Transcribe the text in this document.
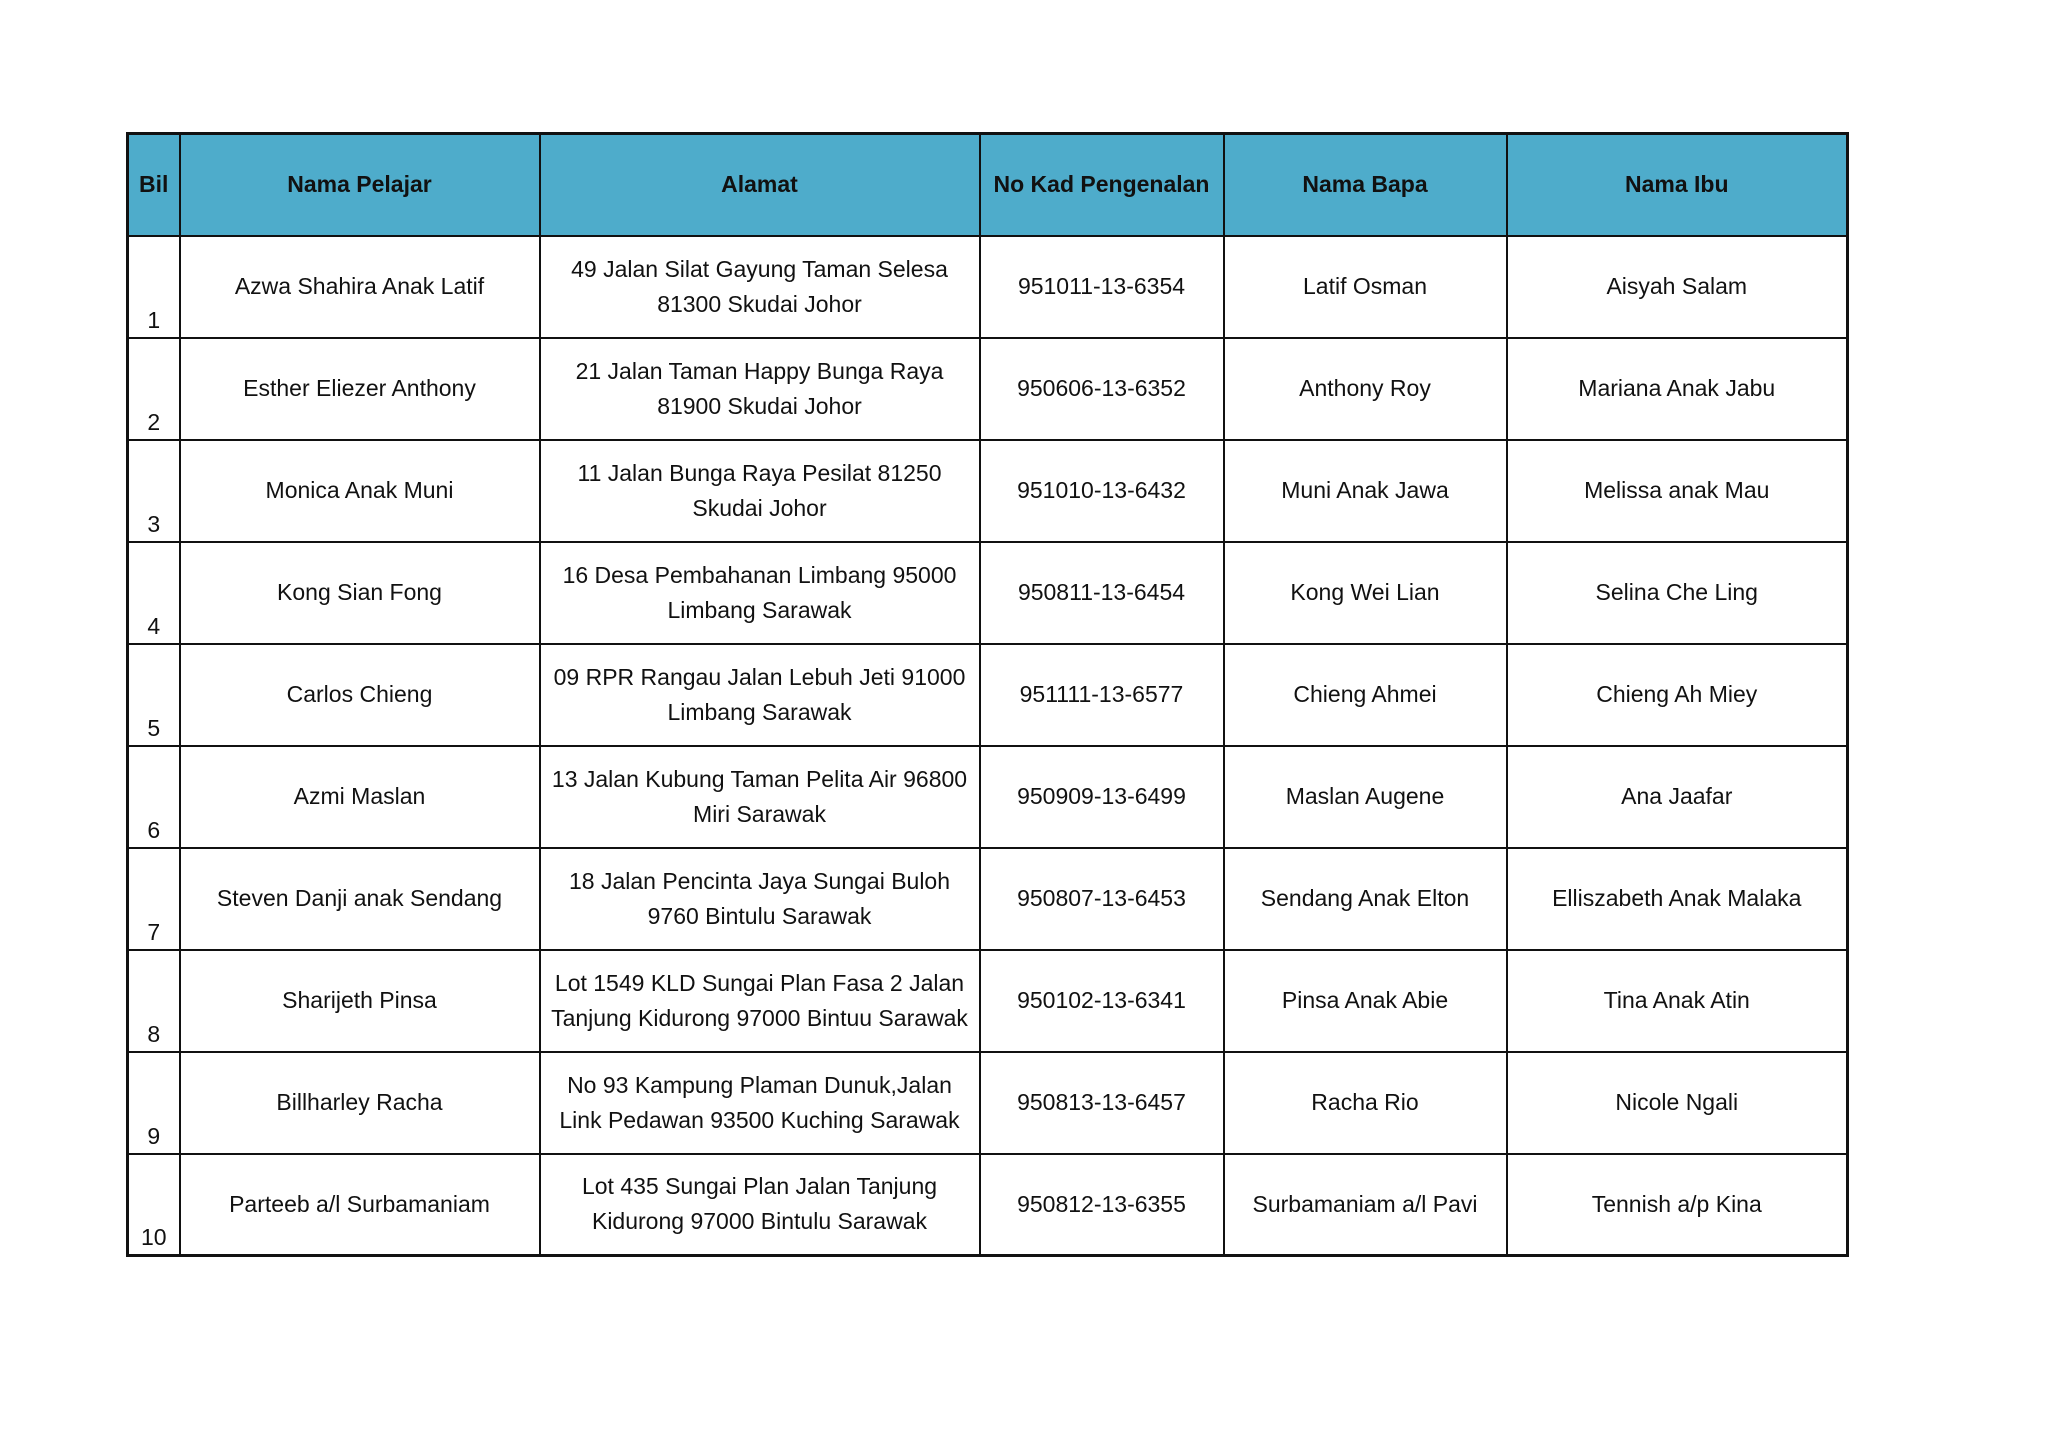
Bil	Nama Pelajar	Alamat	No Kad Pengenalan	Nama Bapa	Nama Ibu
1	Azwa Shahira Anak Latif	49 Jalan Silat Gayung Taman Selesa 81300 Skudai Johor	951011-13-6354	Latif Osman	Aisyah Salam
2	Esther Eliezer Anthony	21 Jalan Taman Happy Bunga Raya 81900 Skudai Johor	950606-13-6352	Anthony Roy	Mariana Anak Jabu
3	Monica Anak Muni	11 Jalan Bunga Raya Pesilat 81250 Skudai Johor	951010-13-6432	Muni Anak Jawa	Melissa anak Mau
4	Kong Sian Fong	16 Desa Pembahanan Limbang 95000 Limbang Sarawak	950811-13-6454	Kong Wei Lian	Selina Che Ling
5	Carlos Chieng	09 RPR Rangau Jalan Lebuh Jeti 91000 Limbang Sarawak	951111-13-6577	Chieng Ahmei	Chieng Ah Miey
6	Azmi Maslan	13 Jalan Kubung Taman Pelita Air 96800 Miri Sarawak	950909-13-6499	Maslan Augene	Ana Jaafar
7	Steven Danji anak Sendang	18 Jalan Pencinta Jaya Sungai Buloh 9760 Bintulu Sarawak	950807-13-6453	Sendang Anak Elton	Elliszabeth Anak Malaka
8	Sharijeth Pinsa	Lot 1549 KLD Sungai Plan Fasa 2 Jalan Tanjung Kidurong 97000 Bintuu Sarawak	950102-13-6341	Pinsa Anak Abie	Tina Anak Atin
9	Billharley Racha	No 93 Kampung Plaman Dunuk,Jalan Link Pedawan 93500 Kuching Sarawak	950813-13-6457	Racha Rio	Nicole Ngali
10	Parteeb a/l Surbamaniam	Lot 435 Sungai Plan Jalan Tanjung Kidurong 97000 Bintulu Sarawak	950812-13-6355	Surbamaniam a/l Pavi	Tennish a/p Kina
